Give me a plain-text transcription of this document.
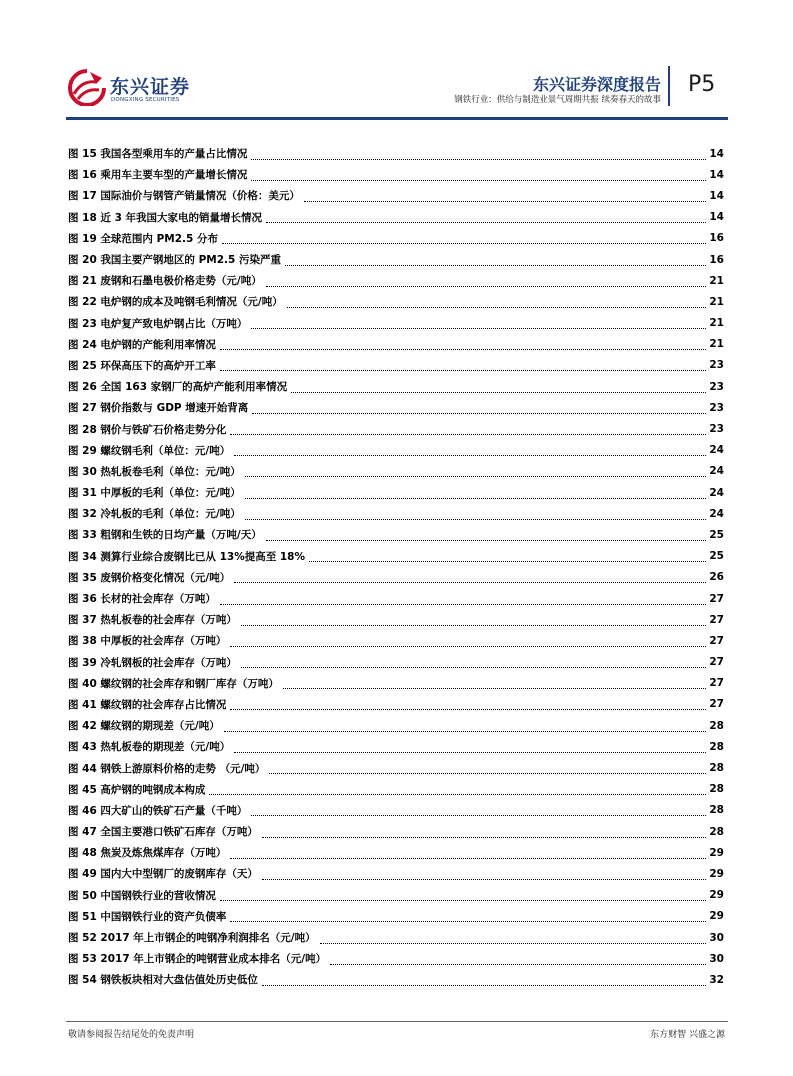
东兴证券
DONGXING SECURITIES
东兴证券深度报告
钢铁行业：供给与制造业景气周期共振 续奏春天的故事
P5
图 15 我国各型乘用车的产量占比情况	14
图 16 乘用车主要车型的产量增长情况	14
图 17 国际油价与钢管产销量情况（价格：美元）	14
图 18 近 3 年我国大家电的销量增长情况	14
图 19 全球范围内 PM2.5 分布	16
图 20 我国主要产钢地区的 PM2.5 污染严重	16
图 21 废钢和石墨电极价格走势（元/吨）	21
图 22 电炉钢的成本及吨钢毛利情况（元/吨）	21
图 23 电炉复产致电炉钢占比（万吨）	21
图 24 电炉钢的产能利用率情况	21
图 25 环保高压下的高炉开工率	23
图 26 全国 163 家钢厂的高炉产能利用率情况	23
图 27 钢价指数与 GDP 增速开始背离	23
图 28 钢价与铁矿石价格走势分化	23
图 29 螺纹钢毛利（单位：元/吨）	24
图 30 热轧板卷毛利（单位：元/吨）	24
图 31 中厚板的毛利（单位：元/吨）	24
图 32 冷轧板的毛利（单位：元/吨）	24
图 33 粗钢和生铁的日均产量（万吨/天）	25
图 34 测算行业综合废钢比已从 13%提高至 18%	25
图 35 废钢价格变化情况（元/吨）	26
图 36 长材的社会库存（万吨）	27
图 37 热轧板卷的社会库存（万吨）	27
图 38 中厚板的社会库存（万吨）	27
图 39 冷轧钢板的社会库存（万吨）	27
图 40 螺纹钢的社会库存和钢厂库存（万吨）	27
图 41 螺纹钢的社会库存占比情况	27
图 42 螺纹钢的期现差（元/吨）	28
图 43 热轧板卷的期现差（元/吨）	28
图 44 钢铁上游原料价格的走势 （元/吨）	28
图 45 高炉钢的吨钢成本构成	28
图 46 四大矿山的铁矿石产量（千吨）	28
图 47 全国主要港口铁矿石库存（万吨）	28
图 48 焦炭及炼焦煤库存（万吨）	29
图 49 国内大中型钢厂的废钢库存（天）	29
图 50 中国钢铁行业的营收情况	29
图 51 中国钢铁行业的资产负债率	29
图 52 2017 年上市钢企的吨钢净利润排名（元/吨）	30
图 53 2017 年上市钢企的吨钢营业成本排名（元/吨）	30
图 54 钢铁板块相对大盘估值处历史低位	32
敬请参阅报告结尾处的免责声明	东方财智 兴盛之源
